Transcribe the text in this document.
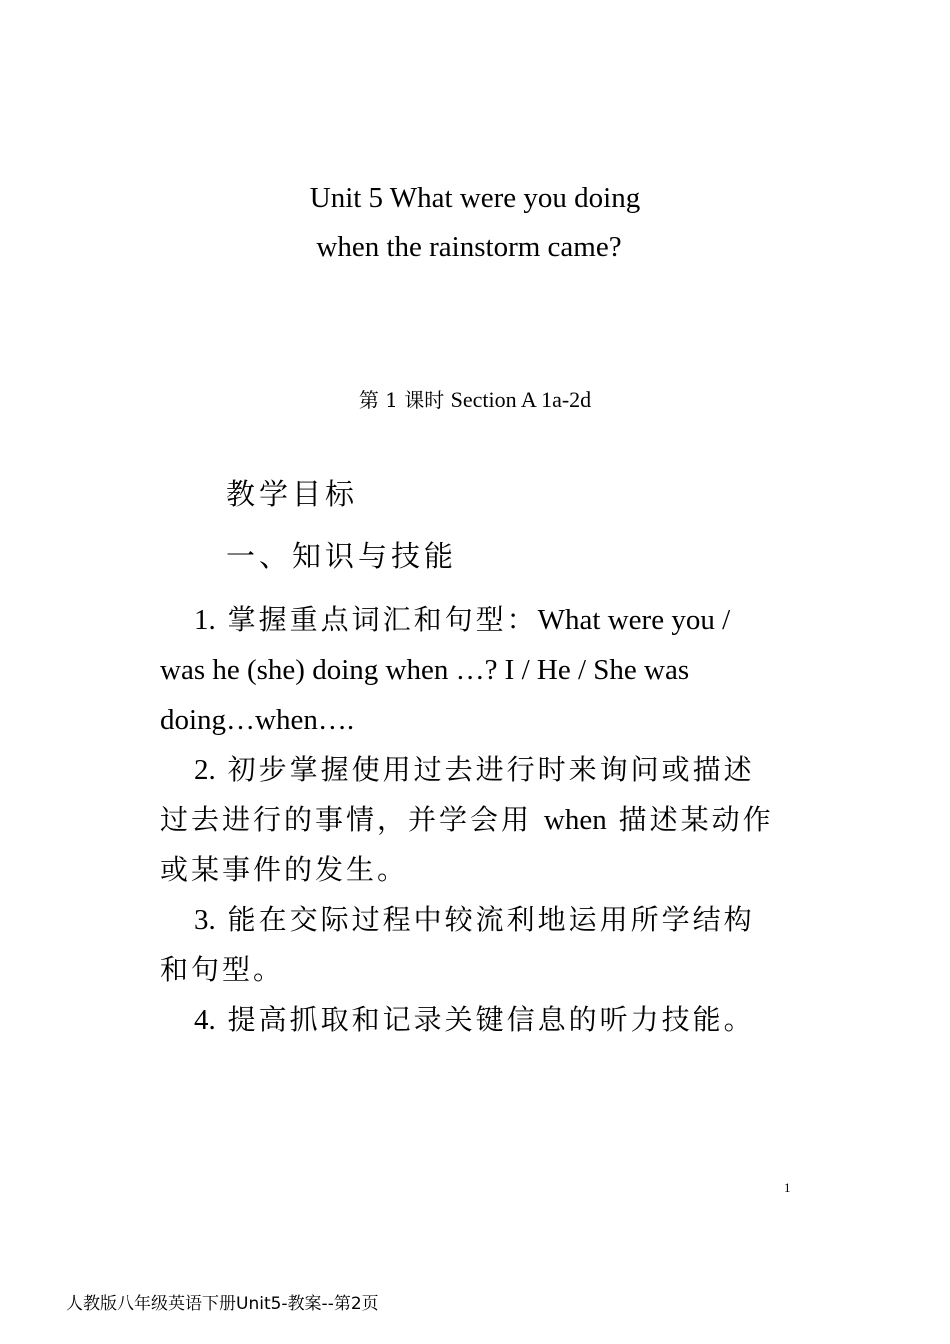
Unit 5 What were you doing
when the rainstorm came?
第 1 课时 Section A 1a-2d
教学目标
一、知识与技能
1. 掌握重点词汇和句型：What were you /
was he (she) doing when …? I / He / She was
doing…when….
2. 初步掌握使用过去进行时来询问或描述
过去进行的事情，并学会用 when 描述某动作
或某事件的发生。
3. 能在交际过程中较流利地运用所学结构
和句型。
4. 提高抓取和记录关键信息的听力技能。
1
人教版八年级英语下册Unit5-教案--第2页
